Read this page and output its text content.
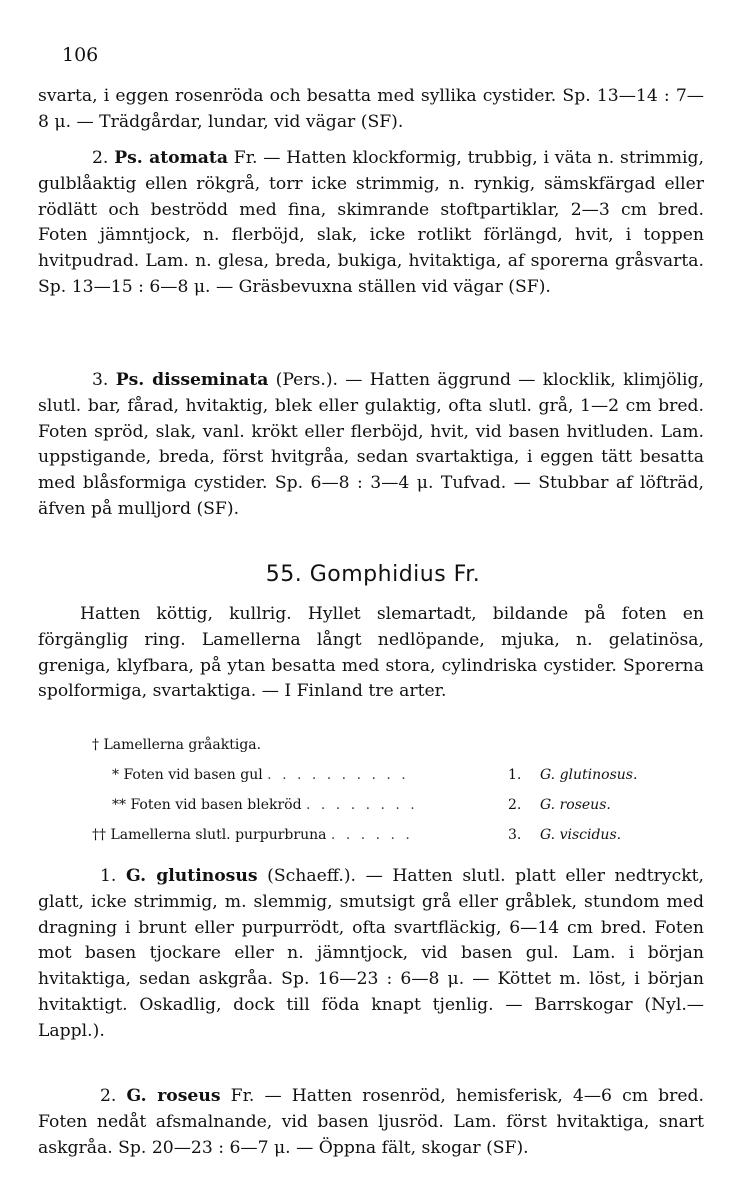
106
svarta, i eggen rosenröda och besatta med syllika cystider. Sp. 13—14 : 7—8 μ. — Trädgårdar, lundar, vid vägar (SF).
2. Ps. atomata Fr. — Hatten klockformig, trubbig, i väta n. strimmig, gulblåaktig ellen rökgrå, torr icke strimmig, n. rynkig, sämskfärgad eller rödlätt och beströdd med fina, skimrande stoftpartiklar, 2—3 cm bred. Foten jämntjock, n. flerböjd, slak, icke rotlikt förlängd, hvit, i toppen hvitpudrad. Lam. n. glesa, breda, bukiga, hvitaktiga, af sporerna gråsvarta. Sp. 13—15 : 6—8 μ. — Gräsbevuxna ställen vid vägar (SF).
3. Ps. disseminata (Pers.). — Hatten äggrund — klocklik, klimjölig, slutl. bar, fårad, hvitaktig, blek eller gulaktig, ofta slutl. grå, 1—2 cm bred. Foten spröd, slak, vanl. krökt eller flerböjd, hvit, vid basen hvitluden. Lam. uppstigande, breda, först hvitgråa, sedan svartaktiga, i eggen tätt besatta med blåsformiga cystider. Sp. 6—8 : 3—4 μ. Tufvad. — Stubbar af löfträd, äfven på mulljord (SF).
55. Gomphidius Fr.
Hatten köttig, kullrig. Hyllet slemartadt, bildande på foten en förgänglig ring. Lamellerna långt nedlöpande, mjuka, n. gelatinösa, greniga, klyfbara, på ytan besatta med stora, cylindriska cystider. Sporerna spolformiga, svartaktiga. — I Finland tre arter.
† Lamellerna gråaktiga.
* Foten vid basen gul . . . . . . . . . .	1. G. glutinosus.
** Foten vid basen blekröd . . . . . . . .	2. G. roseus.
†† Lamellerna slutl. purpurbruna . . . . . .	3. G. viscidus.
1. G. glutinosus (Schaeff.). — Hatten slutl. platt eller nedtryckt, glatt, icke strimmig, m. slemmig, smutsigt grå eller gråblek, stundom med dragning i brunt eller purpurrödt, ofta svartfläckig, 6—14 cm bred. Foten mot basen tjockare eller n. jämntjock, vid basen gul. Lam. i början hvitaktiga, sedan askgråa. Sp. 16—23 : 6—8 μ. — Köttet m. löst, i början hvitaktigt. Oskadlig, dock till föda knapt tjenlig. — Barrskogar (Nyl.—Lappl.).
2. G. roseus Fr. — Hatten rosenröd, hemisferisk, 4—6 cm bred. Foten nedåt afsmalnande, vid basen ljusröd. Lam. först hvitaktiga, snart askgråa. Sp. 20—23 : 6—7 μ. — Öppna fält, skogar (SF).
